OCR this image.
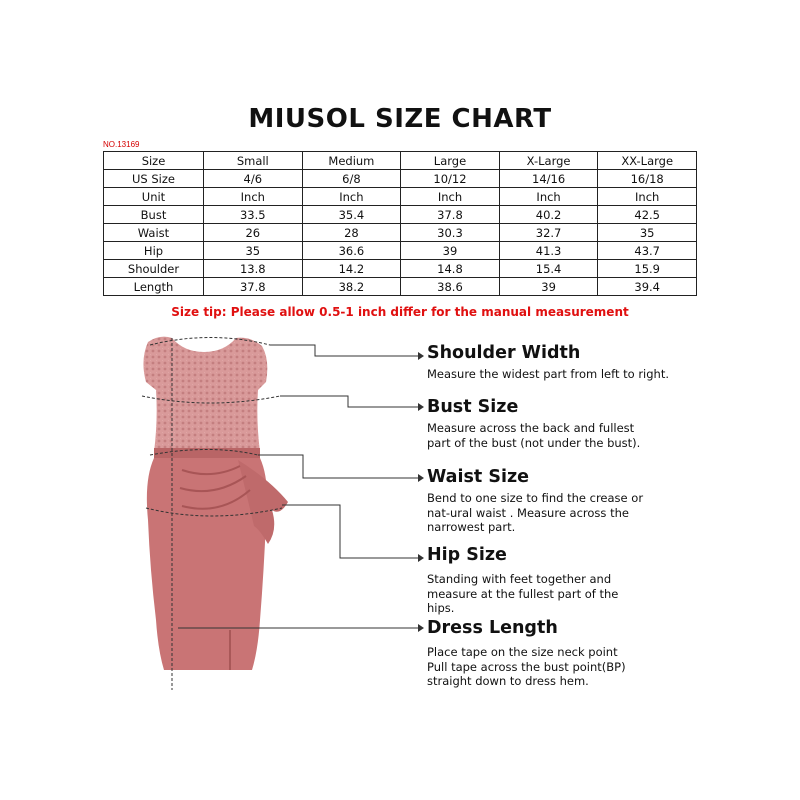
MIUSOL SIZE CHART
NO.13169
Size	Small	Medium	Large	X-Large	XX-Large
US Size	4/6	6/8	10/12	14/16	16/18
Unit	Inch	Inch	Inch	Inch	Inch
Bust	33.5	35.4	37.8	40.2	42.5
Waist	26	28	30.3	32.7	35
Hip	35	36.6	39	41.3	43.7
Shoulder	13.8	14.2	14.8	15.4	15.9
Length	37.8	38.2	38.6	39	39.4
Size tip: Please allow 0.5-1 inch differ for the manual measurement
Shoulder Width
Measure the widest part from left to right.
Bust Size
Measure across the back and fullest part of the bust (not under the bust).
Waist Size
Bend to one size to find the crease or nat-ural waist . Measure across the narrowest part.
Hip Size
Standing with feet together and measure at the fullest part of the hips.
Dress Length
Place tape on the size neck point Pull tape across the bust point(BP) straight down to dress hem.
